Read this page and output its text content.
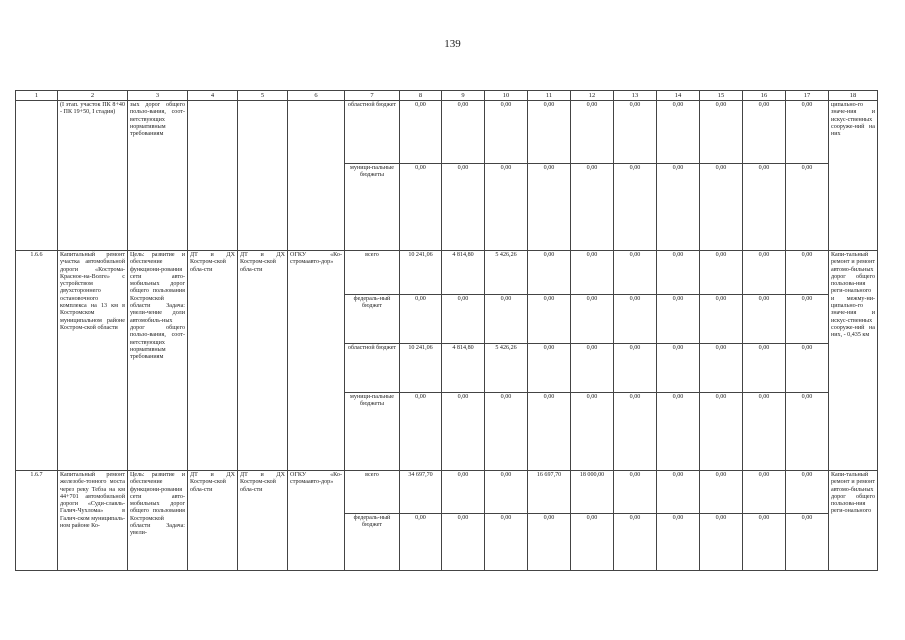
139
1	2	3	4	5	6	7	8	9	10	11	12	13	14	15	16	17	18
	(I этап. участок ПК 8+40 - ПК 19+50, I стадия)	зых дорог общего пользо-вания, соот-ветствующих нормативным требованиям				областной бюджет	0,00	0,00	0,00	0,00	0,00	0,00	0,00	0,00	0,00	0,00	ципально-го значе-ния и искус-ственных сооруже-ний на них
						муници-пальные бюджеты	0,00	0,00	0,00	0,00	0,00	0,00	0,00	0,00	0,00	0,00	
1.6.6	Капитальный ремонт участка автомобильной дороги «Кострома-Красное-на-Волге» с устройством двухстороннего остановочного комплекса на 13 км в Костромском муниципальном районе Костром-ской области	Цель: развитие и обеспечение функциони-рования сети авто-мобильных дорог общего пользования Костромской области Задача: увели-чение доли автомобиль-ных дорог общего пользо-вания, соот-ветствующих нормативным требованиям	ДТ и ДХ Костром-ской обла-сти	ДТ и ДХ Костром-ской обла-сти	ОГКУ «Ко-стромаавто-дор»	всего	10 241,06	4 814,80	5 426,26	0,00	0,00	0,00	0,00	0,00	0,00	0,00	Капи-тальный ремонт и ремонт автомо-бильных дорог общего пользова-ния реги-онального и межму-ни-ципально-го значе-ния и искус-ственных сооруже-ний на них, - 0,435 км
						федераль-ный бюджет	0,00	0,00	0,00	0,00	0,00	0,00	0,00	0,00	0,00	0,00	
						областной бюджет	10 241,06	4 814,80	5 426,26	0,00	0,00	0,00	0,00	0,00	0,00	0,00	
						муници-пальные бюджеты	0,00	0,00	0,00	0,00	0,00	0,00	0,00	0,00	0,00	0,00	
1.6.7	Капитальный ремонт железобе-тонного моста через реку Тебза на км 44+701 автомобильной дороги «Суди-славль-Галич-Чухлома» в Галич-ском муниципаль-ном районе Ко-	Цель: развитие и обеспечение функциони-рования сети авто-мобильных дорог общего пользования Костромской области Задача: увели-	ДТ и ДХ Костром-ской обла-сти	ДТ и ДХ Костром-ской обла-сти	ОГКУ «Ко-стромаавто-дор»	всего	34 697,70	0,00	0,00	16 697,70	18 000,00	0,00	0,00	0,00	0,00	0,00	Капи-тальный ремонт и ремонт автомо-бильных дорог общего пользова-ния реги-онального
						федераль-ный бюджет	0,00	0,00	0,00	0,00	0,00	0,00	0,00	0,00	0,00	0,00	
